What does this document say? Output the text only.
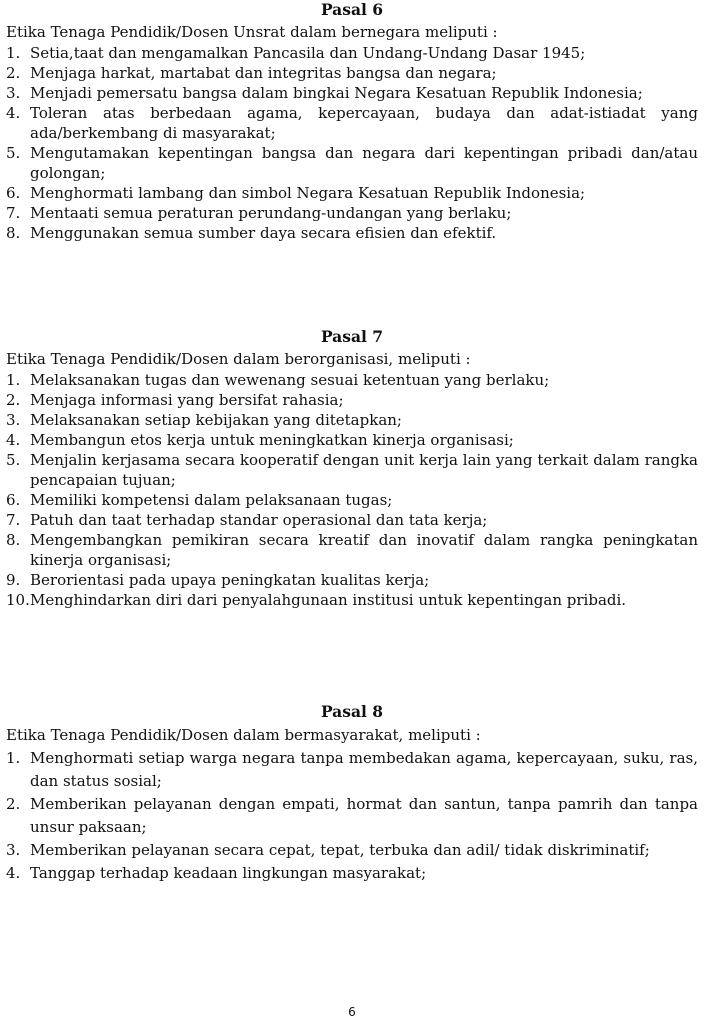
Pasal 6

Etika Tenaga Pendidik/Dosen Unsrat dalam bernegara meliputi :

1. Setia,taat dan mengamalkan Pancasila dan Undang-Undang Dasar 1945;
2. Menjaga harkat, martabat dan integritas bangsa dan negara;
3. Menjadi pemersatu bangsa dalam bingkai Negara Kesatuan Republik Indonesia;
4. Toleran atas berbedaan agama, kepercayaan, budaya dan adat-istiadat yang ada/berkembang di masyarakat;
5. Mengutamakan kepentingan bangsa dan negara dari kepentingan pribadi dan/atau golongan;
6. Menghormati lambang dan simbol Negara Kesatuan Republik Indonesia;
7. Mentaati semua peraturan perundang-undangan yang berlaku;
8. Menggunakan semua sumber daya secara efisien dan efektif.

Pasal 7

Etika Tenaga Pendidik/Dosen dalam berorganisasi, meliputi :

1. Melaksanakan tugas dan wewenang sesuai ketentuan yang berlaku;
2. Menjaga informasi yang bersifat rahasia;
3. Melaksanakan setiap kebijakan yang ditetapkan;
4. Membangun etos kerja untuk meningkatkan kinerja organisasi;
5. Menjalin kerjasama secara kooperatif dengan unit kerja lain yang terkait dalam rangka pencapaian tujuan;
6. Memiliki kompetensi dalam pelaksanaan tugas;
7. Patuh dan taat terhadap standar operasional dan tata kerja;
8. Mengembangkan pemikiran secara kreatif dan inovatif dalam rangka peningkatan kinerja organisasi;
9. Berorientasi pada upaya peningkatan kualitas kerja;
10. Menghindarkan diri dari penyalahgunaan institusi untuk kepentingan pribadi.

Pasal 8

Etika Tenaga Pendidik/Dosen dalam bermasyarakat, meliputi :

1. Menghormati setiap warga negara tanpa membedakan agama, kepercayaan, suku, ras, dan status sosial;
2. Memberikan pelayanan dengan empati, hormat dan santun, tanpa pamrih dan tanpa unsur paksaan;
3. Memberikan pelayanan secara cepat, tepat, terbuka dan adil/ tidak diskriminatif;
4. Tanggap terhadap keadaan lingkungan masyarakat;
6
